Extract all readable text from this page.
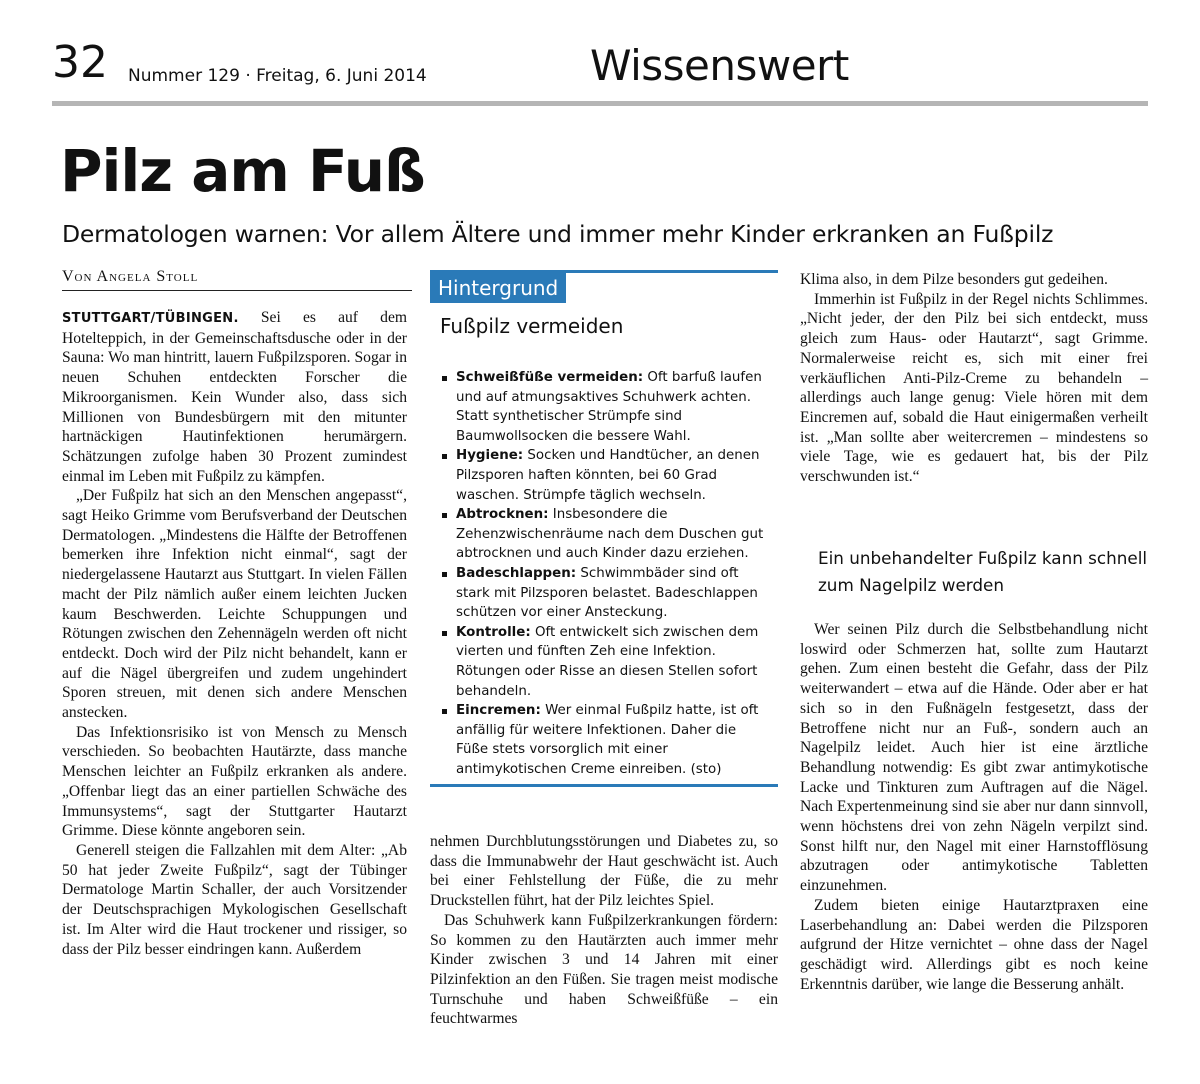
32 Nummer 129 · Freitag, 6. Juni 2014	Wissenswert
Pilz am Fuß
Dermatologen warnen: Vor allem Ältere und immer mehr Kinder erkranken an Fußpilz
Von Angela Stoll

STUTTGART/TÜBINGEN. Sei es auf dem Hotelteppich, in der Gemeinschaftsdusche oder in der Sauna: Wo man hintritt, lauern Fußpilzsporen. Sogar in neuen Schuhen entdeckten Forscher die Mikroorganismen. Kein Wunder also, dass sich Millionen von Bundesbürgern mit den mitunter hartnäckigen Hautinfektionen herumärgern. Schätzungen zufolge haben 30 Prozent zumindest einmal im Leben mit Fußpilz zu kämpfen.

„Der Fußpilz hat sich an den Menschen angepasst“, sagt Heiko Grimme vom Berufsverband der Deutschen Dermatologen. „Mindestens die Hälfte der Betroffenen bemerken ihre Infektion nicht einmal“, sagt der niedergelassene Hautarzt aus Stuttgart. In vielen Fällen macht der Pilz nämlich außer einem leichten Jucken kaum Beschwerden. Leichte Schuppungen und Rötungen zwischen den Zehennägeln werden oft nicht entdeckt. Doch wird der Pilz nicht behandelt, kann er auf die Nägel übergreifen und zudem ungehindert Sporen streuen, mit denen sich andere Menschen anstecken.

Das Infektionsrisiko ist von Mensch zu Mensch verschieden. So beobachten Hautärzte, dass manche Menschen leichter an Fußpilz erkranken als andere. „Offenbar liegt das an einer partiellen Schwäche des Immunsystems“, sagt der Stuttgarter Hautarzt Grimme. Diese könnte angeboren sein.

Generell steigen die Fallzahlen mit dem Alter: „Ab 50 hat jeder Zweite Fußpilz“, sagt der Tübinger Dermatologe Martin Schaller, der auch Vorsitzender der Deutschsprachigen Mykologischen Gesellschaft ist. Im Alter wird die Haut trockener und rissiger, so dass der Pilz besser eindringen kann. Außerdem

Hintergrund
Fußpilz vermeiden
Schweißfüße vermeiden: Oft barfuß laufen und auf atmungsaktives Schuhwerk achten. Statt synthetischer Strümpfe sind Baumwollsocken die bessere Wahl.
Hygiene: Socken und Handtücher, an denen Pilzsporen haften könnten, bei 60 Grad waschen. Strümpfe täglich wechseln.
Abtrocknen: Insbesondere die Zehenzwischenräume nach dem Duschen gut abtrocknen und auch Kinder dazu erziehen.
Badeschlappen: Schwimmbäder sind oft stark mit Pilzsporen belastet. Badeschlappen schützen vor einer Ansteckung.
Kontrolle: Oft entwickelt sich zwischen dem vierten und fünften Zeh eine Infektion. Rötungen oder Risse an diesen Stellen sofort behandeln.
Eincremen: Wer einmal Fußpilz hatte, ist oft anfällig für weitere Infektionen. Daher die Füße stets vorsorglich mit einer antimykotischen Creme einreiben. (sto)

nehmen Durchblutungsstörungen und Diabetes zu, so dass die Immunabwehr der Haut geschwächt ist. Auch bei einer Fehlstellung der Füße, die zu mehr Druckstellen führt, hat der Pilz leichtes Spiel.

Das Schuhwerk kann Fußpilzerkrankungen fördern: So kommen zu den Hautärzten auch immer mehr Kinder zwischen 3 und 14 Jahren mit einer Pilzinfektion an den Füßen. Sie tragen meist modische Turnschuhe und haben Schweißfüße – ein feuchtwarmes

Klima also, in dem Pilze besonders gut gedeihen.

Immerhin ist Fußpilz in der Regel nichts Schlimmes. „Nicht jeder, der den Pilz bei sich entdeckt, muss gleich zum Haus- oder Hautarzt“, sagt Grimme. Normalerweise reicht es, sich mit einer frei verkäuflichen Anti-Pilz-Creme zu behandeln – allerdings auch lange genug: Viele hören mit dem Eincremen auf, sobald die Haut einigermaßen verheilt ist. „Man sollte aber weitercremen – mindestens so viele Tage, wie es gedauert hat, bis der Pilz verschwunden ist.“

Ein unbehandelter Fußpilz kann schnell zum Nagelpilz werden

Wer seinen Pilz durch die Selbstbehandlung nicht loswird oder Schmerzen hat, sollte zum Hautarzt gehen. Zum einen besteht die Gefahr, dass der Pilz weiterwandert – etwa auf die Hände. Oder aber er hat sich so in den Fußnägeln festgesetzt, dass der Betroffene nicht nur an Fuß-, sondern auch an Nagelpilz leidet. Auch hier ist eine ärztliche Behandlung notwendig: Es gibt zwar antimykotische Lacke und Tinkturen zum Auftragen auf die Nägel. Nach Expertenmeinung sind sie aber nur dann sinnvoll, wenn höchstens drei von zehn Nägeln verpilzt sind. Sonst hilft nur, den Nagel mit einer Harnstofflösung abzutragen oder antimykotische Tabletten einzunehmen.

Zudem bieten einige Hautarztpraxen eine Laserbehandlung an: Dabei werden die Pilzsporen aufgrund der Hitze vernichtet – ohne dass der Nagel geschädigt wird. Allerdings gibt es noch keine Erkenntnis darüber, wie lange die Besserung anhält.
